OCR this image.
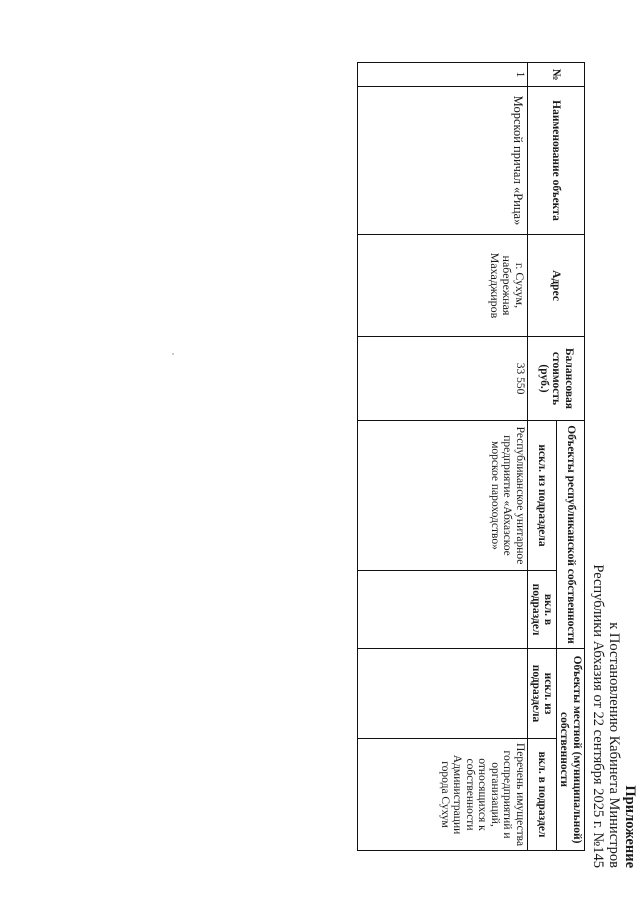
Приложение
к Постановлению Кабинета Министров
Республики Абхазия от 22 сентября 2025 г. №145
№	Наименование объекта	Адрес	Балансовая стоимость (руб.)	Объекты республиканской собственности		Объекты местной (муниципальной) собственности	
				искл. из подраздела	вкл. в подраздел	искл. из подраздела	вкл. в подраздел
1	Морской причал «Рица»	г. Сухум, набережная Махаджиров	33 550	Республиканское унитарное предприятие «Абхазское морское пароходство»			Перечень имущества госпредприятий и организаций, относящихся к собственности Администрации города Сухум
